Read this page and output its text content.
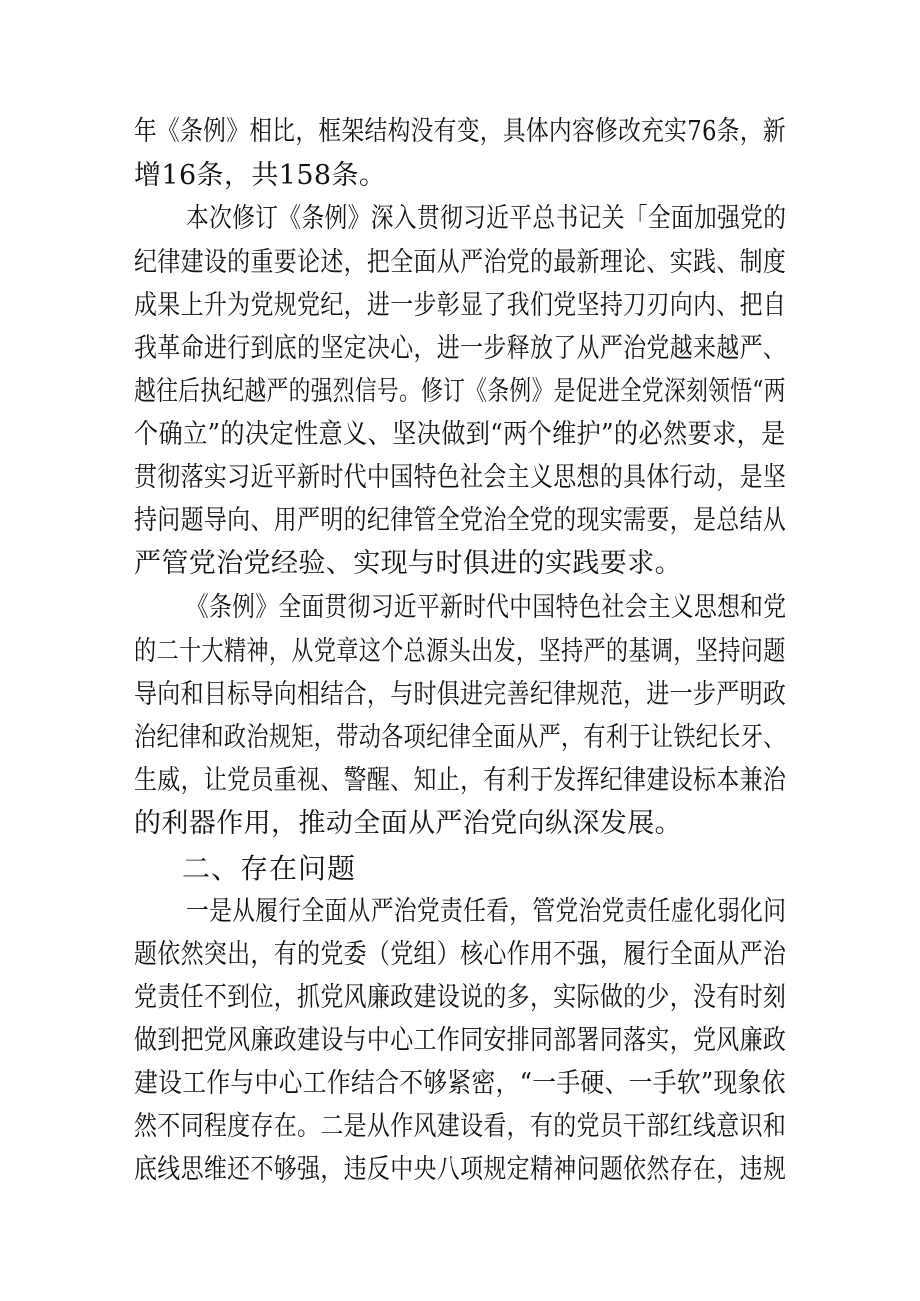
年《条例》相比，框架结构没有变，具体内容修改充实76条，新
增16条，共158条。
本次修订《条例》深入贯彻习近平总书记关「全面加强党的
纪律建设的重要论述，把全面从严治党的最新理论、实践、制度
成果上升为党规党纪，进一步彰显了我们党坚持刀刃向内、把自
我革命进行到底的坚定决心，进一步释放了从严治党越来越严、
越往后执纪越严的强烈信号。修订《条例》是促进全党深刻领悟“两
个确立”的决定性意义、坚决做到“两个维护”的必然要求，是
贯彻落实习近平新时代中国特色社会主义思想的具体行动，是坚
持问题导向、用严明的纪律管全党治全党的现实需要，是总结从
严管党治党经验、实现与时俱进的实践要求。
《条例》全面贯彻习近平新时代中国特色社会主义思想和党
的二十大精神，从党章这个总源头出发，坚持严的基调，坚持问题
导向和目标导向相结合，与时俱进完善纪律规范，进一步严明政
治纪律和政治规矩，带动各项纪律全面从严，有利于让铁纪长牙、
生威，让党员重视、警醒、知止，有利于发挥纪律建设标本兼治
的利器作用，推动全面从严治党向纵深发展。
二、存在问题
一是从履行全面从严治党责任看，管党治党责任虚化弱化问
题依然突出，有的党委（党组）核心作用不强，履行全面从严治
党责任不到位，抓党风廉政建设说的多，实际做的少，没有时刻
做到把党风廉政建设与中心工作同安排同部署同落实，党风廉政
建设工作与中心工作结合不够紧密，“一手硬、一手软”现象依
然不同程度存在。二是从作风建设看，有的党员干部红线意识和
底线思维还不够强，违反中央八项规定精神问题依然存在，违规
